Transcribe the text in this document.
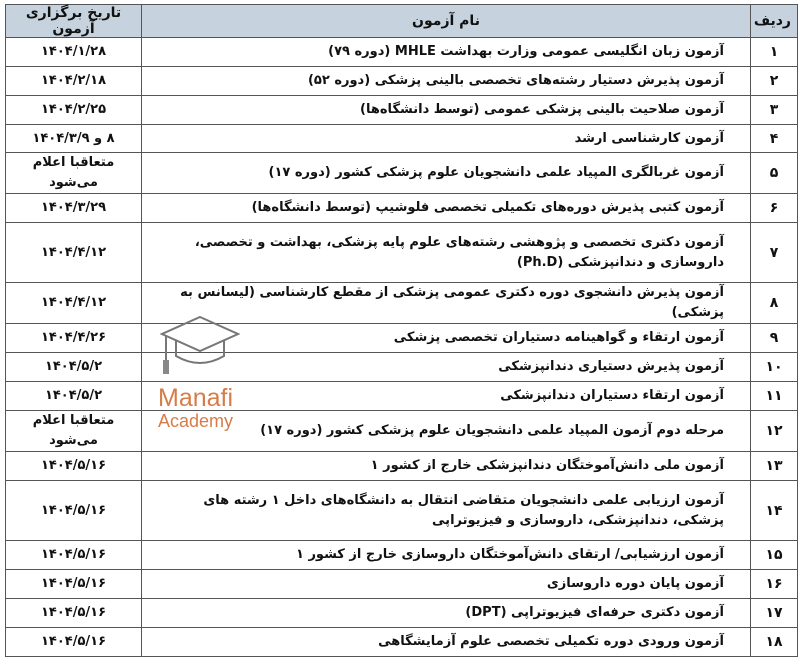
ردیف	نام آزمون	تاریخ برگزاری آزمون
۱	آزمون زبان انگلیسی عمومی وزارت بهداشت MHLE (دوره ۷۹)	۱۴۰۴/۱/۲۸
۲	آزمون پذیرش دستیار رشته‌های تخصصی بالینی پزشکی (دوره ۵۲)	۱۴۰۴/۲/۱۸
۳	آزمون صلاحیت بالینی پزشکی عمومی (توسط دانشگاه‌ها)	۱۴۰۴/۲/۲۵
۴	آزمون کارشناسی ارشد	۸ و ۱۴۰۴/۳/۹
۵	آزمون غربالگری المپیاد علمی دانشجویان علوم پزشکی کشور (دوره ۱۷)	متعاقبا اعلام می‌شود
۶	آزمون کتبی پذیرش دوره‌های تکمیلی تخصصی فلوشیپ (توسط دانشگاه‌ها)	۱۴۰۴/۳/۲۹
۷	آزمون دکتری تخصصی و پژوهشی رشته‌های علوم پایه پزشکی، بهداشت و تخصصی، داروسازی و دندانپزشکی (Ph.D)	۱۴۰۴/۴/۱۲
۸	آزمون پذیرش دانشجوی دوره دکتری عمومی پزشکی از مقطع کارشناسی (لیسانس به پزشکی)	۱۴۰۴/۴/۱۲
۹	آزمون ارتقاء و گواهینامه دستیاران تخصصی پزشکی	۱۴۰۴/۴/۲۶
۱۰	آزمون پذیرش دستیاری دندانپزشکی	۱۴۰۴/۵/۲
۱۱	آزمون ارتقاء دستیاران دندانپزشکی	۱۴۰۴/۵/۲
۱۲	مرحله دوم آزمون المپیاد علمی دانشجویان علوم پزشکی کشور (دوره ۱۷)	متعاقبا اعلام می‌شود
۱۳	آزمون ملی دانش‌آموختگان دندانپزشکی خارج از کشور ۱	۱۴۰۴/۵/۱۶
۱۴	آزمون ارزیابی علمی دانشجویان متقاضی انتقال به دانشگاه‌های داخل ۱ رشته های پزشکی، دندانپزشکی، داروسازی و فیزیوتراپی	۱۴۰۴/۵/۱۶
۱۵	آزمون ارزشیابی/ ارتقای دانش‌آموختگان داروسازی خارج از کشور ۱	۱۴۰۴/۵/۱۶
۱۶	آزمون پایان دوره داروسازی	۱۴۰۴/۵/۱۶
۱۷	آزمون دکتری حرفه‌ای فیزیوتراپی (DPT)	۱۴۰۴/۵/۱۶
۱۸	آزمون ورودی دوره تکمیلی تخصصی علوم آزمایشگاهی	۱۴۰۴/۵/۱۶
Manafi
Academy
